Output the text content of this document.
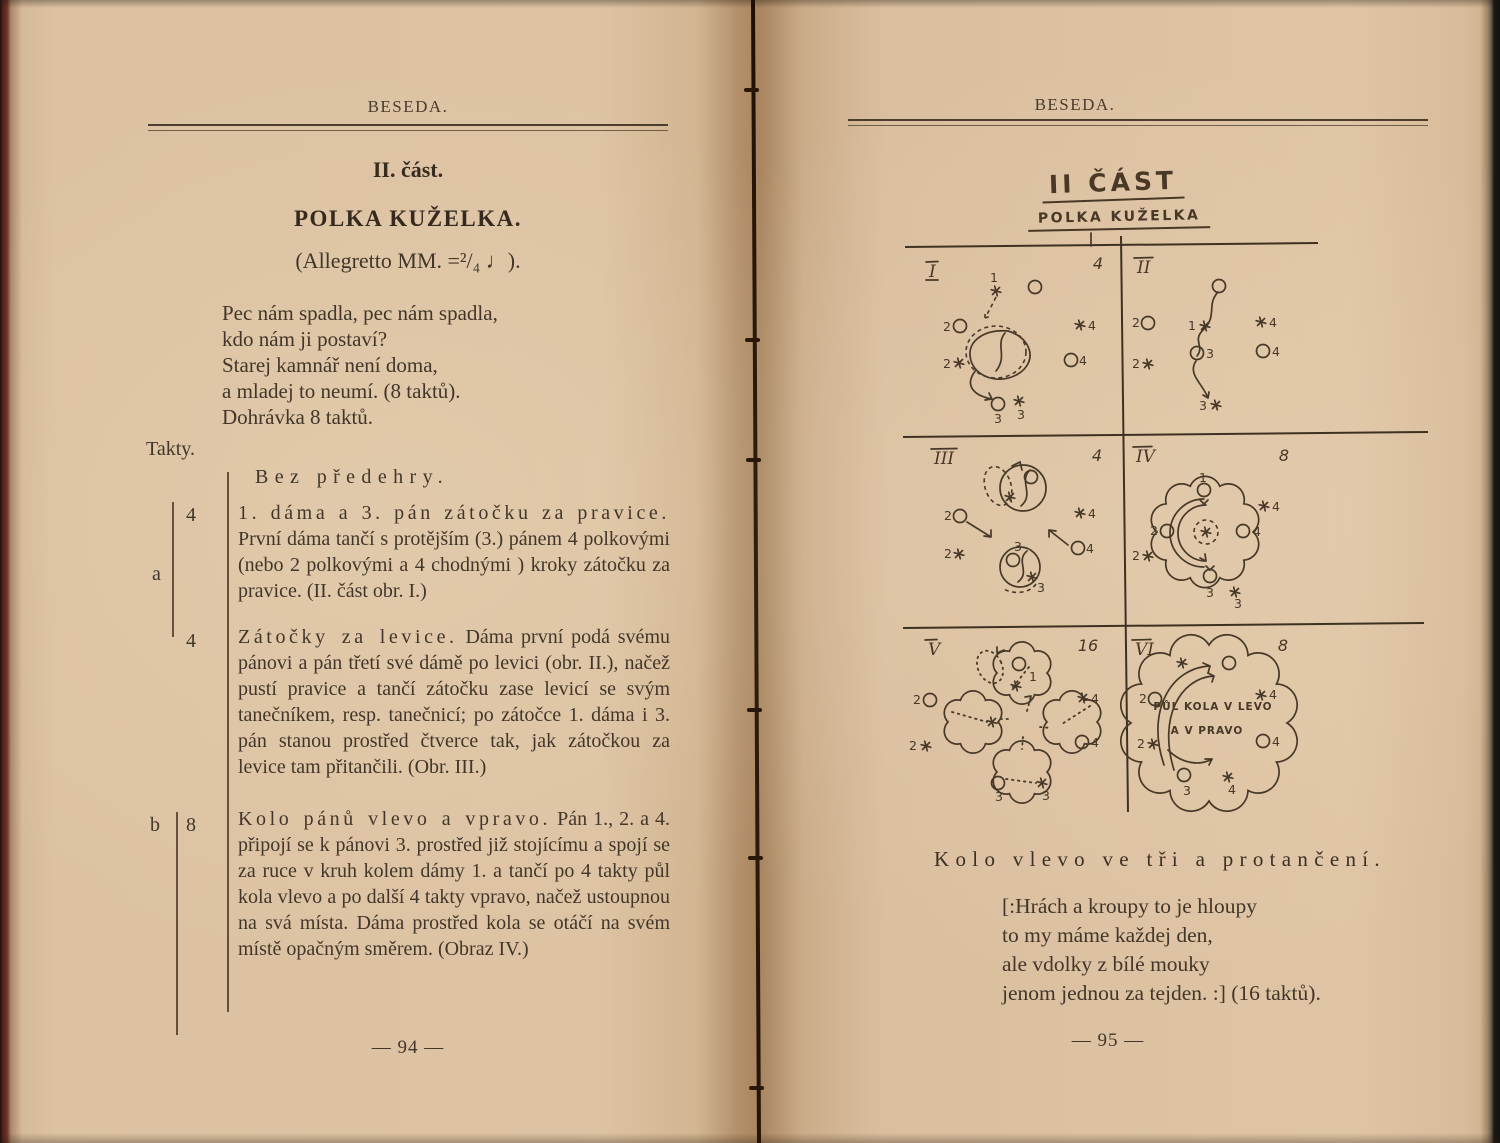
BESEDA.
II. část.
POLKA KUŽELKA.
(Allegretto MM. =²/₄ ♩).
Pec nám spadla, pec nám spadla,
kdo nám ji postaví?
Starej kamnář není doma,
a mladej to neumí. (8 taktů).
Dohrávka 8 taktů.
Takty.
Bez předehry.
a
4
4
b 8
1. dáma a 3. pán zátočku za pravice. První dáma tančí s protějším (3.) pánem 4 polkovými (nebo 2 polkovými a 4 chodnými ) kroky zátočku za pravice. (II. část obr. I.)
Zátočky za levice. Dáma první podá svému pánovi a pán třetí své dámě po levici (obr. II.), načež pustí pravice a tančí zátočku zase levicí se svým tanečníkem, resp. tanečnicí; po zátočce 1. dáma i 3. pán stanou prostřed čtverce tak, jak zátočkou za levice tam přitančili. (Obr. III.)
Kolo pánů vlevo a vpravo. Pán 1., 2. a 4. připojí se k pánovi 3. prostřed již stojícímu a spojí se za ruce v kruh kolem dámy 1. a tančí po 4 takty půl kola vlevo a po další 4 takty vpravo, načež ustoupnou na svá místa. Dáma prostřed kola se otáčí na svém místě opačným směrem. (Obraz IV.)
— 94 —
BESEDA.
II ČÁST
POLKA KUŽELKA
I	4
1
2
2
4
4
3 3
II
1
2
2
3
4
4
3
III	4
2	4
2	4
3
3
IV	8
1
2	4
3
4
2
3
V	16
1
2
2
4
4
3	3
VI	8
2
2
4
4
3	4
PŮL KOLA V LEVO
A V PRAVO
Kolo vlevo ve tři a protančení.
[:Hrách a kroupy to je hloupy
to my máme každej den,
ale vdolky z bílé mouky
jenom jednou za tejden. :] (16 taktů).
— 95 —
